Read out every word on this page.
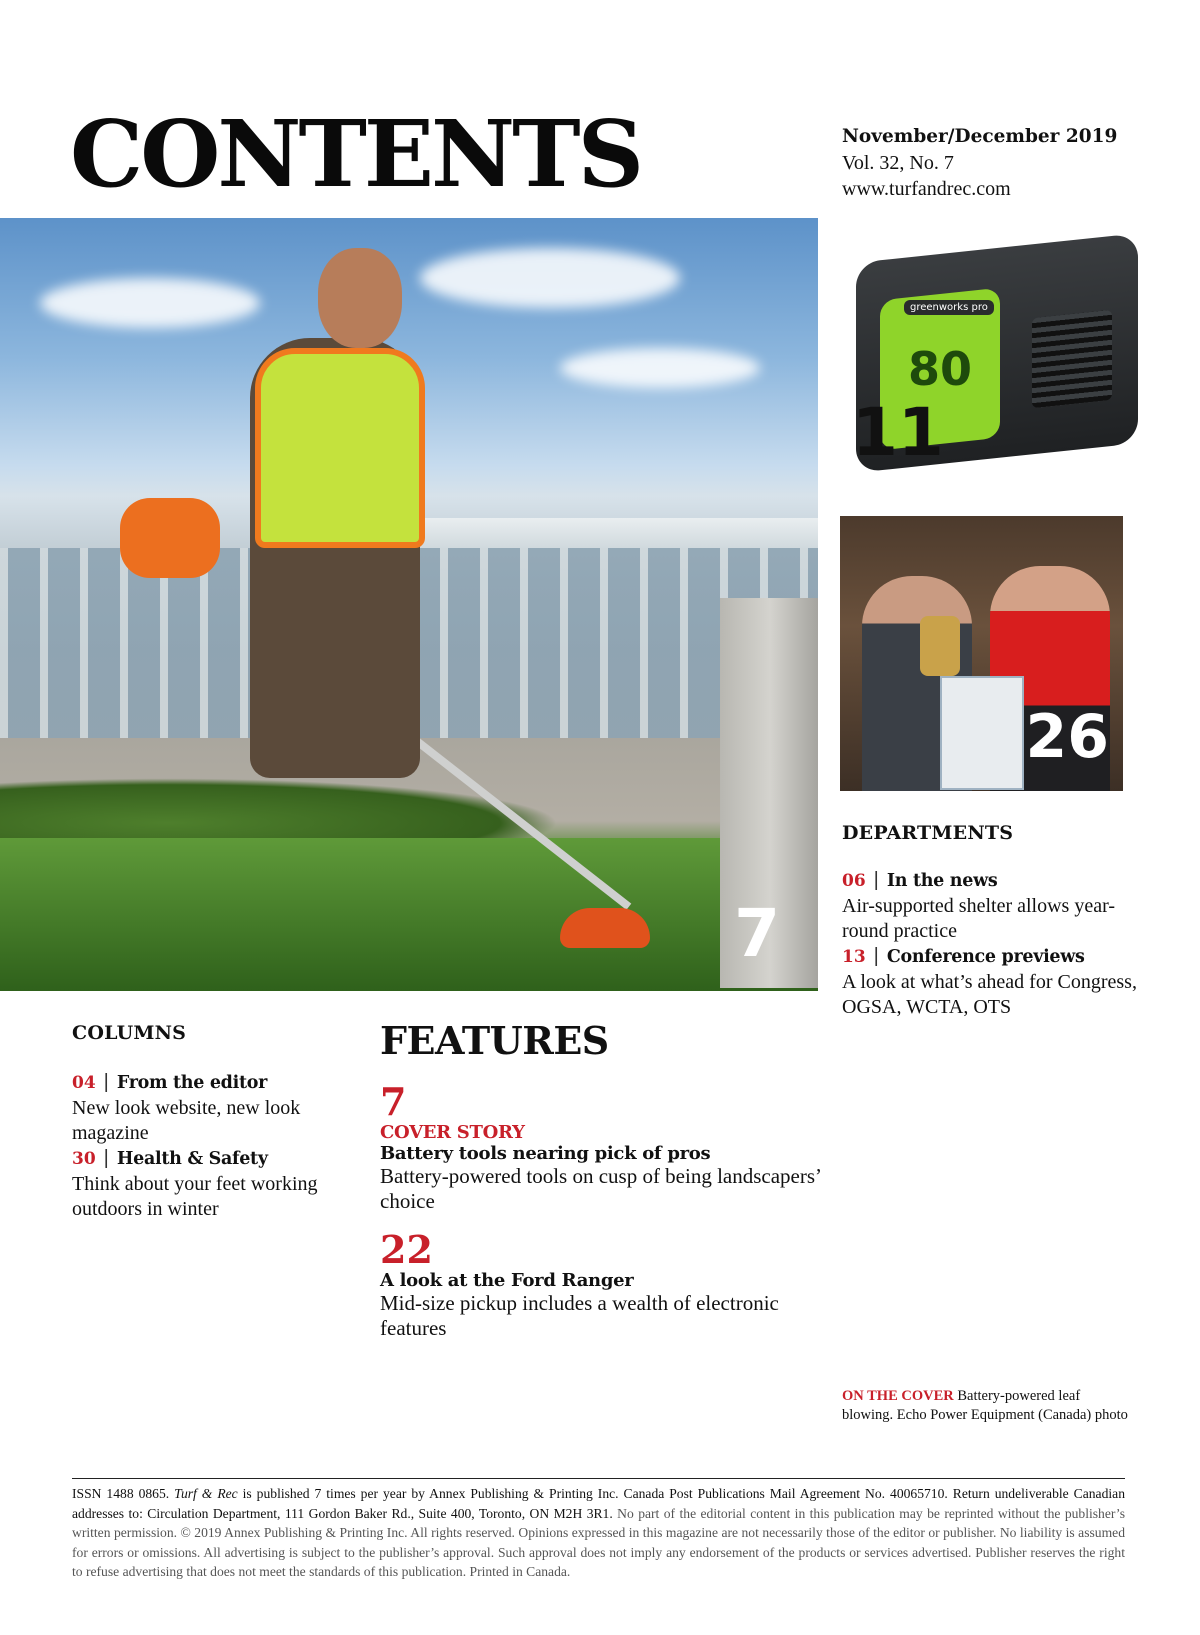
CONTENTS	November/December 2019
Vol. 32, No. 7
www.turfandrec.com
7
greenworks pro
80
11
26
DEPARTMENTS
06 | In the news
Air-supported shelter allows year-round practice
13 | Conference previews
A look at what’s ahead for Congress, OGSA, WCTA, OTS
COLUMNS
04 | From the editor
New look website, new look magazine
30 | Health & Safety
Think about your feet working outdoors in winter
FEATURES
7
COVER STORY
Battery tools nearing pick of pros
Battery-powered tools on cusp of being landscapers’ choice
22
A look at the Ford Ranger
Mid-size pickup includes a wealth of electronic features
ON THE COVER Battery-powered leaf blowing. Echo Power Equipment (Canada) photo
ISSN 1488 0865. Turf & Rec is published 7 times per year by Annex Publishing & Printing Inc. Canada Post Publications Mail Agreement No. 40065710. Return undeliverable Canadian addresses to: Circulation Department, 111 Gordon Baker Rd., Suite 400, Toronto, ON M2H 3R1. No part of the editorial content in this publication may be reprinted without the publisher’s written permission. © 2019 Annex Publishing & Printing Inc. All rights reserved. Opinions expressed in this magazine are not necessarily those of the editor or publisher. No liability is assumed for errors or omissions. All advertising is subject to the publisher’s approval. Such approval does not imply any endorsement of the products or services advertised. Publisher reserves the right to refuse advertising that does not meet the standards of this publication. Printed in Canada.
